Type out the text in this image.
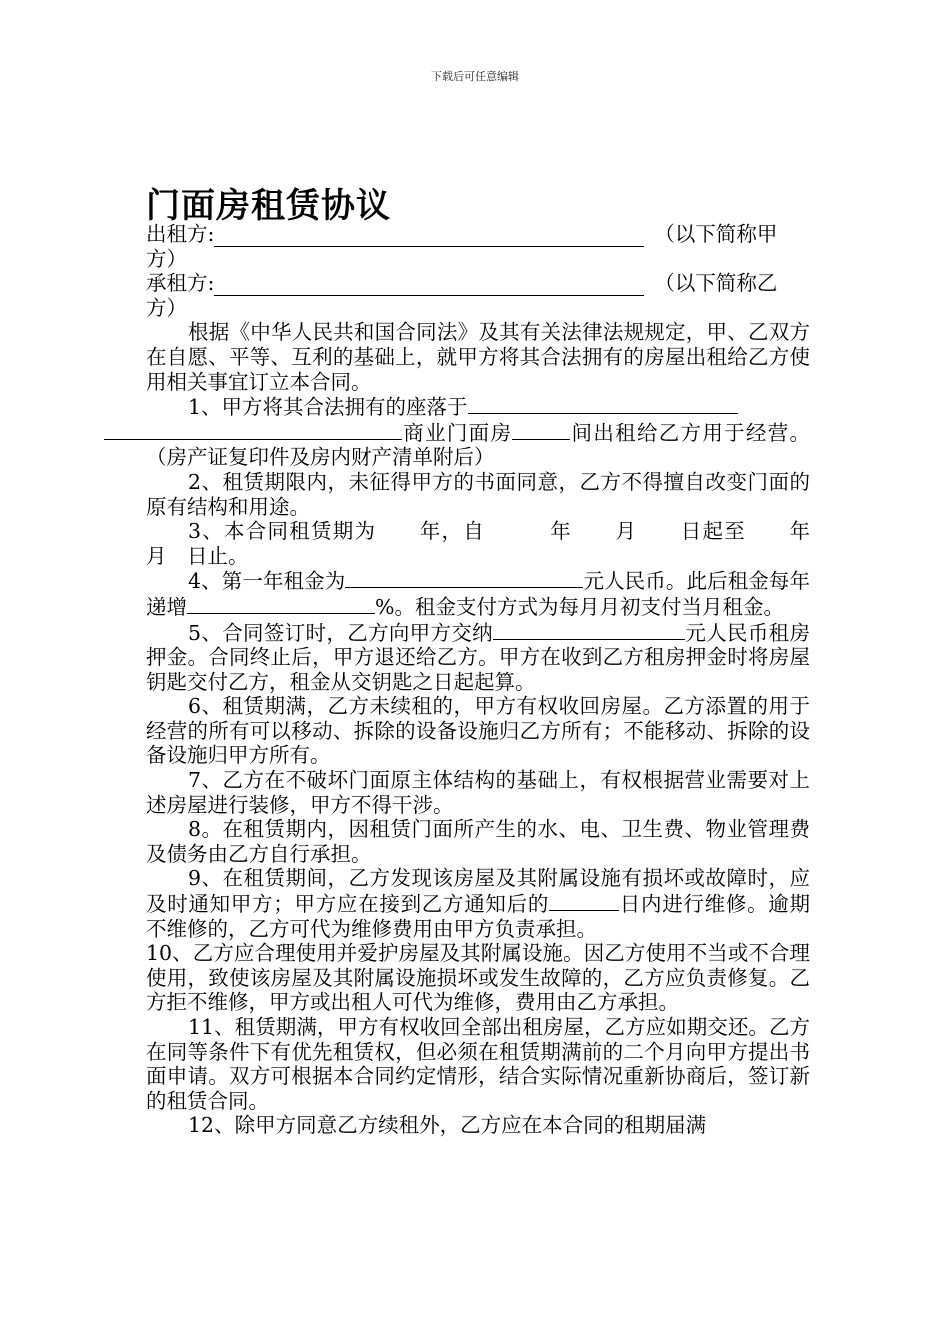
下载后可任意编辑
门面房租赁协议

出租方:	（以下简称甲

方）

承租方:	（以下简称乙

方）

根据《中华人民共和国合同法》及其有关法律法规规定，甲、乙双方在自愿、平等、互利的基础上，就甲方将其合法拥有的房屋出租给乙方使用相关事宜订立本合同。

1、甲方将其合法拥有的座落于
商业门面房	间出租给乙方用于经营。（房产证复印件及房内财产清单附后）

2、租赁期限内，未征得甲方的书面同意，乙方不得擅自改变门面的原有结构和用途。

3、本合同租赁期为　　年，自　　　年　　月　　日起至　　年　　月　日止。

4、第一年租金为	元人民币。此后租金每年递增	%。租金支付方式为每月月初支付当月租金。

5、合同签订时，乙方向甲方交纳	元人民币租房押金。合同终止后，甲方退还给乙方。甲方在收到乙方租房押金时将房屋钥匙交付乙方，租金从交钥匙之日起起算。

6、租赁期满，乙方未续租的，甲方有权收回房屋。乙方添置的用于经营的所有可以移动、拆除的设备设施归乙方所有；不能移动、拆除的设备设施归甲方所有。

7、乙方在不破坏门面原主体结构的基础上，有权根据营业需要对上述房屋进行装修，甲方不得干涉。

8。在租赁期内，因租赁门面所产生的水、电、卫生费、物业管理费及债务由乙方自行承担。

9、在租赁期间，乙方发现该房屋及其附属设施有损坏或故障时，应及时通知甲方；甲方应在接到乙方通知后的	日内进行维修。逾期不维修的，乙方可代为维修费用由甲方负责承担。

10、乙方应合理使用并爱护房屋及其附属设施。因乙方使用不当或不合理使用，致使该房屋及其附属设施损坏或发生故障的，乙方应负责修复。乙方拒不维修，甲方或出租人可代为维修，费用由乙方承担。

11、租赁期满，甲方有权收回全部出租房屋，乙方应如期交还。乙方在同等条件下有优先租赁权，但必须在租赁期满前的二个月向甲方提出书面申请。双方可根据本合同约定情形，结合实际情况重新协商后，签订新的租赁合同。

12、除甲方同意乙方续租外，乙方应在本合同的租期届满
